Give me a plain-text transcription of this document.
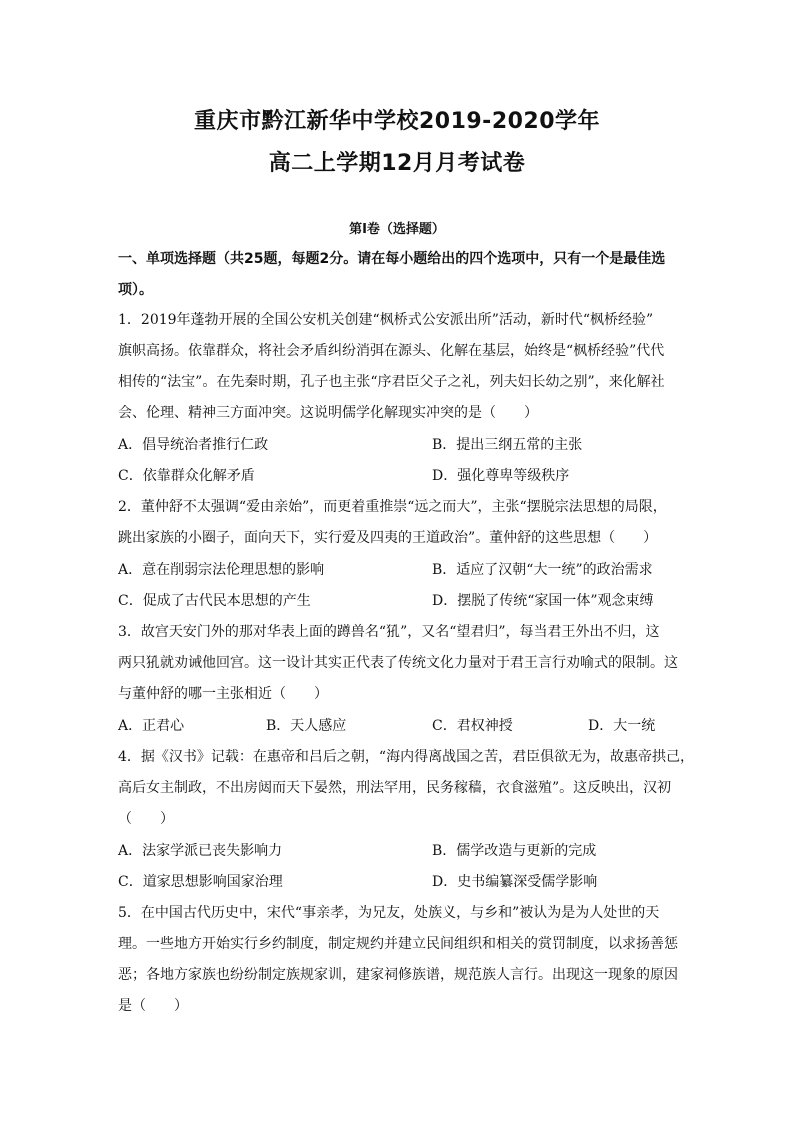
重庆市黔江新华中学校2019-2020学年
高二上学期12月月考试卷
第Ⅰ卷（选择题）
一、单项选择题（共25题，每题2分。请在每小题给出的四个选项中，只有一个是最佳选
项）。
1．2019年蓬勃开展的全国公安机关创建“枫桥式公安派出所”活动，新时代“枫桥经验”
旗帜高扬。依靠群众，将社会矛盾纠纷消弭在源头、化解在基层，始终是“枫桥经验”代代
相传的“法宝”。在先秦时期，孔子也主张“序君臣父子之礼，列夫妇长幼之别”，来化解社
会、伦理、精神三方面冲突。这说明儒学化解现实冲突的是（　　）
A．倡导统治者推行仁政	B．提出三纲五常的主张
C．依靠群众化解矛盾	D．强化尊卑等级秩序
2．董仲舒不太强调“爱由亲始”，而更着重推崇“远之而大”，主张“摆脱宗法思想的局限，
跳出家族的小圈子，面向天下，实行爱及四夷的王道政治”。董仲舒的这些思想（　　）
A．意在削弱宗法伦理思想的影响	B．适应了汉朝“大一统”的政治需求
C．促成了古代民本思想的产生	D．摆脱了传统“家国一体”观念束缚
3．故宫天安门外的那对华表上面的蹲兽名“犼”，又名“望君归”，每当君王外出不归，这
两只犼就劝诫他回宫。这一设计其实正代表了传统文化力量对于君王言行劝喻式的限制。这
与董仲舒的哪一主张相近（　　）
A．正君心	B．天人感应	C．君权神授	D．大一统
4．据《汉书》记载：在惠帝和吕后之朝，“海内得离战国之苦，君臣俱欲无为，故惠帝拱己，
高后女主制政，不出房闼而天下晏然，刑法罕用，民务稼穑，衣食滋殖”。这反映出，汉初
（　　）
A．法家学派已丧失影响力	B．儒学改造与更新的完成
C．道家思想影响国家治理	D．史书编纂深受儒学影响
5．在中国古代历史中，宋代“事亲孝，为兄友，处族义，与乡和”被认为是为人处世的天
理。一些地方开始实行乡约制度，制定规约并建立民间组织和相关的赏罚制度，以求扬善惩
恶；各地方家族也纷纷制定族规家训，建家祠修族谱，规范族人言行。出现这一现象的原因
是（　　）
